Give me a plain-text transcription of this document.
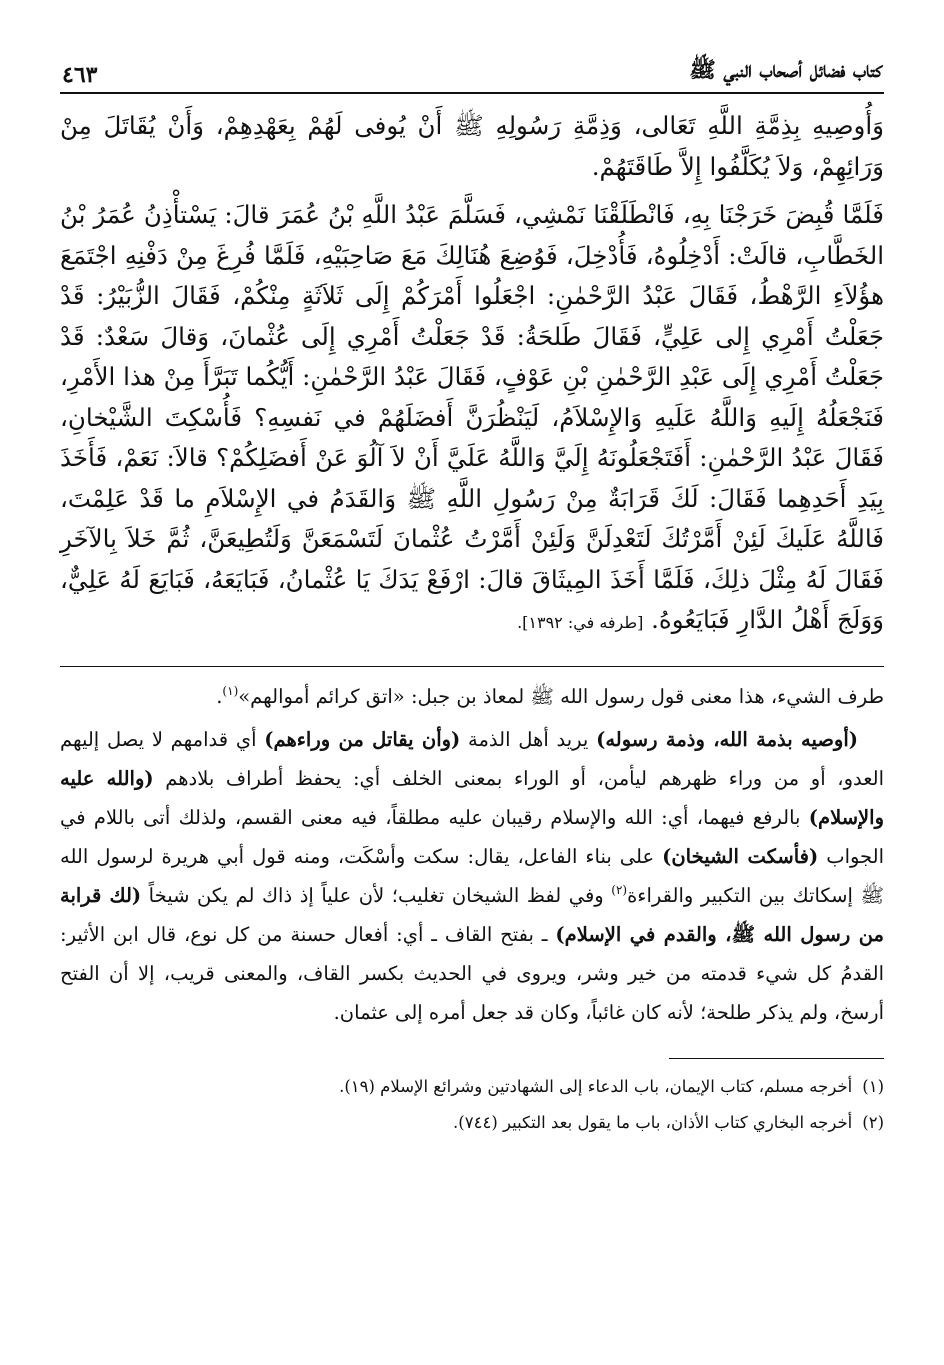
كتاب فضائل أصحاب النبي ﷺ
٤٦٣

وَأُوصِيهِ بِذِمَّةِ اللَّهِ تَعَالى، وَذِمَّةِ رَسُولِهِ ﷺ أَنْ يُوفى لَهُمْ بِعَهْدِهِمْ، وَأَنْ يُقَاتَلَ مِنْ وَرَائِهِمْ، وَلاَ يُكَلَّفُوا إِلاَّ طَاقَتَهُمْ.

فَلَمَّا قُبِضَ خَرَجْنَا بِهِ، فَانْطَلَقْنَا نَمْشِي، فَسَلَّمَ عَبْدُ اللَّهِ بْنُ عُمَرَ قالَ: يَسْتأْذِنُ عُمَرُ بْنُ الخَطَّابِ، قالَتْ: أَدْخِلُوهُ، فَأُدْخِلَ، فَوُضِعَ هُنَالِكَ مَعَ صَاحِبَيْهِ، فَلَمَّا فُرِغَ مِنْ دَفْنِهِ اجْتَمَعَ هؤُلاَءِ الرَّهْطُ، فَقَالَ عَبْدُ الرَّحْمٰنِ: اجْعَلُوا أَمْرَكُمْ إِلَى ثَلاَثَةٍ مِنْكُمْ، فَقَالَ الزُّبَيْرُ: قَدْ جَعَلْتُ أَمْرِي إِلى عَلِيٍّ، فَقَالَ طَلحَةُ: قَدْ جَعَلْتُ أَمْرِي إِلَى عُثْمانَ، وَقالَ سَعْدٌ: قَدْ جَعَلْتُ أَمْرِي إِلَى عَبْدِ الرَّحْمٰنِ بْنِ عَوْفٍ، فَقَالَ عَبْدُ الرَّحْمٰنِ: أَيُّكُما تَبَرَّأَ مِنْ هذا الأَمْرِ، فَنَجْعَلُهُ إِلَيهِ وَاللَّهُ عَلَيهِ وَالإِسْلاَمُ، لَيَنْظُرَنَّ أَفضَلَهُمْ في نَفسِهِ؟ فَأُسْكِتَ الشَّيْخانِ، فَقَالَ عَبْدُ الرَّحْمٰنِ: أَفَتَجْعَلُونَهُ إِلَيَّ وَاللَّهُ عَلَيَّ أَنْ لاَ آلُوَ عَنْ أَفضَلِكُمْ؟ قالاَ: نَعَمْ، فَأَخَذَ بِيَدِ أَحَدِهِما فَقَالَ: لَكَ قَرَابَةٌ مِنْ رَسُولِ اللَّهِ ﷺ وَالقَدَمُ في الإِسْلاَمِ ما قَدْ عَلِمْتَ، فَاللَّهُ عَلَيكَ لَئِنْ أَمَّرْتُكَ لَتَعْدِلَنَّ وَلَئِنْ أَمَّرْتُ عُثْمانَ لَتَسْمَعَنَّ وَلَتُطِيعَنَّ، ثُمَّ خَلاَ بِالآخَرِ فَقَالَ لَهُ مِثْلَ ذلِكَ، فَلَمَّا أَخَذَ المِيثَاقَ قالَ: ارْفَعْ يَدَكَ يَا عُثْمانُ، فَبَايَعَهُ، فَبَايَعَ لَهُ عَلِيٌّ، وَوَلَجَ أَهْلُ الدَّارِ فَبَايَعُوهُ. [طرفه في: ١٣٩٢].

طرف الشيء، هذا معنى قول رسول الله ﷺ لمعاذ بن جبل: «اتق كرائم أموالهم»$^{(١)}$.

(أوصيه بذمة الله، وذمة رسوله) يريد أهل الذمة (وأن يقاتل من وراءهم) أي قدامهم لا يصل إليهم العدو، أو من وراء ظهرهم ليأمن، أو الوراء بمعنى الخلف أي: يحفظ أطراف بلادهم (والله عليه والإسلام) بالرفع فيهما، أي: الله والإسلام رقيبان عليه مطلقاً، فيه معنى القسم، ولذلك أتى باللام في الجواب (فأسكت الشيخان) على بناء الفاعل، يقال: سكت وأسْكَت، ومنه قول أبي هريرة لرسول الله ﷺ إسكاتك بين التكبير والقراءة$^{(٢)}$ وفي لفظ الشيخان تغليب؛ لأن علياً إذ ذاك لم يكن شيخاً (لك قرابة من رسول الله ﷺ، والقدم في الإسلام) ـ بفتح القاف ـ أي: أفعال حسنة من كل نوع، قال ابن الأثير: القدمُ كل شيء قدمته من خير وشر، ويروى في الحديث بكسر القاف، والمعنى قريب، إلا أن الفتح أرسخ، ولم يذكر طلحة؛ لأنه كان غائباً، وكان قد جعل أمره إلى عثمان.

(١)
أخرجه مسلم، كتاب الإيمان، باب الدعاء إلى الشهادتين وشرائع الإسلام (١٩).
(٢)
أخرجه البخاري كتاب الأذان، باب ما يقول بعد التكبير (٧٤٤).
